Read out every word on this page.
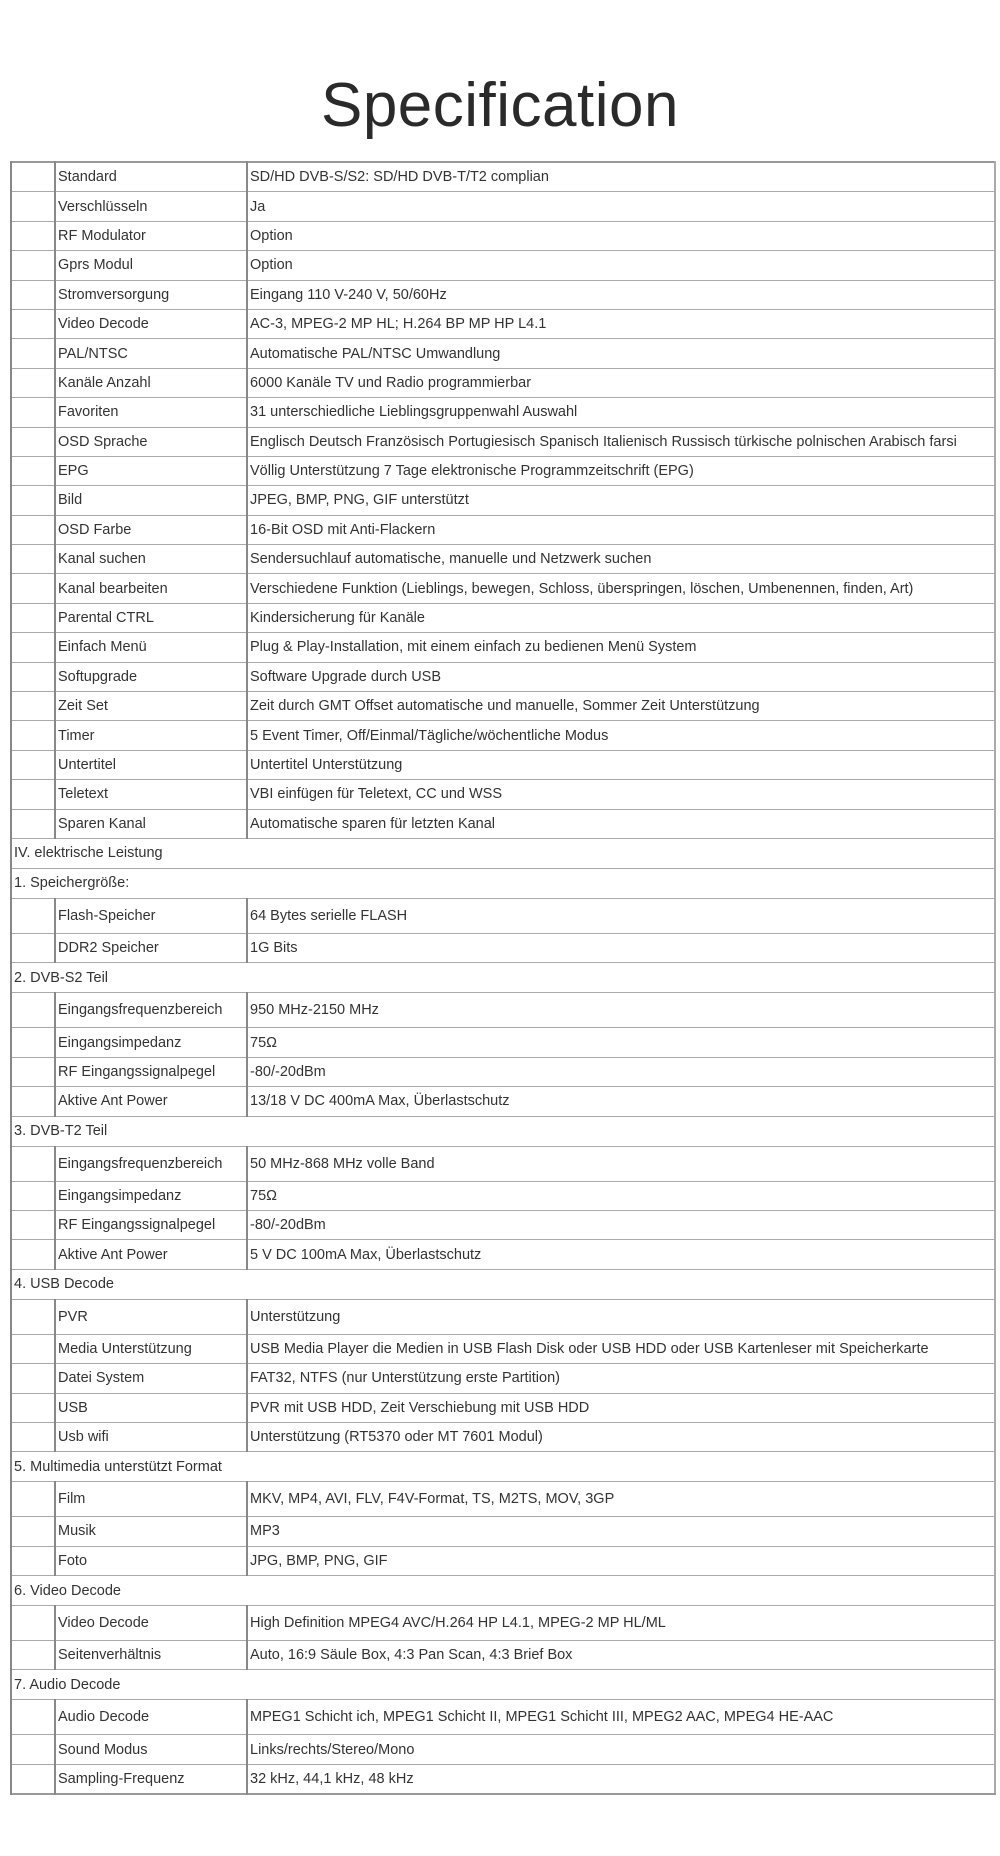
Specification
	Standard	SD/HD DVB-S/S2: SD/HD DVB-T/T2 complian
	Verschlüsseln	Ja
	RF Modulator	Option
	Gprs Modul	Option
	Stromversorgung	Eingang 110 V-240 V, 50/60Hz
	Video Decode	AC-3, MPEG-2 MP HL; H.264 BP MP HP L4.1
	PAL/NTSC	Automatische PAL/NTSC Umwandlung
	Kanäle Anzahl	6000 Kanäle TV und Radio programmierbar
	Favoriten	31 unterschiedliche Lieblingsgruppenwahl Auswahl
	OSD Sprache	Englisch Deutsch Französisch Portugiesisch Spanisch Italienisch Russisch türkische polnischen Arabisch farsi
	EPG	Völlig Unterstützung 7 Tage elektronische Programmzeitschrift (EPG)
	Bild	JPEG, BMP, PNG, GIF unterstützt
	OSD Farbe	16-Bit OSD mit Anti-Flackern
	Kanal suchen	Sendersuchlauf automatische, manuelle und Netzwerk suchen
	Kanal bearbeiten	Verschiedene Funktion (Lieblings, bewegen, Schloss, überspringen, löschen, Umbenennen, finden, Art)
	Parental CTRL	Kindersicherung für Kanäle
	Einfach Menü	Plug & Play-Installation, mit einem einfach zu bedienen Menü System
	Softupgrade	Software Upgrade durch USB
	Zeit Set	Zeit durch GMT Offset automatische und manuelle, Sommer Zeit Unterstützung
	Timer	5 Event Timer, Off/Einmal/Tägliche/wöchentliche Modus
	Untertitel	Untertitel Unterstützung
	Teletext	VBI einfügen für Teletext, CC und WSS
	Sparen Kanal	Automatische sparen für letzten Kanal
IV. elektrische Leistung		
1. Speichergröße:		
	Flash-Speicher	64 Bytes serielle FLASH
	DDR2 Speicher	1G Bits
2. DVB-S2 Teil		
	Eingangsfrequenzbereich	950 MHz-2150 MHz
	Eingangsimpedanz	75Ω
	RF Eingangssignalpegel	-80/-20dBm
	Aktive Ant Power	13/18 V DC 400mA Max, Überlastschutz
3. DVB-T2 Teil		
	Eingangsfrequenzbereich	50 MHz-868 MHz volle Band
	Eingangsimpedanz	75Ω
	RF Eingangssignalpegel	-80/-20dBm
	Aktive Ant Power	5 V DC 100mA Max, Überlastschutz
4. USB Decode		
	PVR	Unterstützung
	Media Unterstützung	USB Media Player die Medien in USB Flash Disk oder USB HDD oder USB Kartenleser mit Speicherkarte
	Datei System	FAT32, NTFS (nur Unterstützung erste Partition)
	USB	PVR mit USB HDD, Zeit Verschiebung mit USB HDD
	Usb wifi	Unterstützung (RT5370 oder MT 7601 Modul)
5. Multimedia unterstützt Format		
	Film	MKV, MP4, AVI, FLV, F4V-Format, TS, M2TS, MOV, 3GP
	Musik	MP3
	Foto	JPG, BMP, PNG, GIF
6. Video Decode		
	Video Decode	High Definition MPEG4 AVC/H.264 HP L4.1, MPEG-2 MP HL/ML
	Seitenverhältnis	Auto, 16:9 Säule Box, 4:3 Pan Scan, 4:3 Brief Box
7. Audio Decode		
	Audio Decode	MPEG1 Schicht ich, MPEG1 Schicht II, MPEG1 Schicht III, MPEG2 AAC, MPEG4 HE-AAC
	Sound Modus	Links/rechts/Stereo/Mono
	Sampling-Frequenz	32 kHz, 44,1 kHz, 48 kHz
